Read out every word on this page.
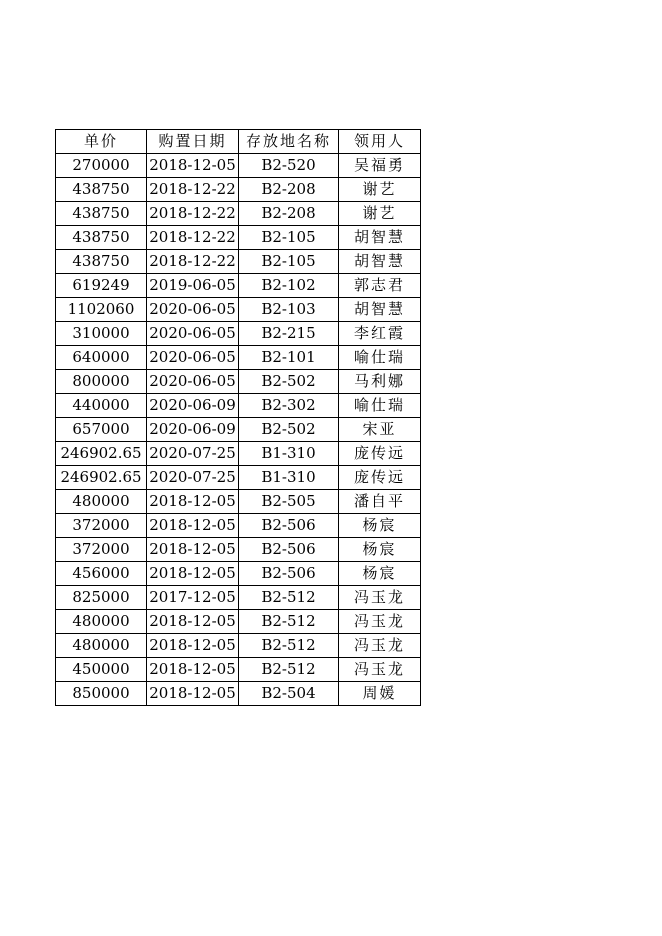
单价	购置日期	存放地名称	领用人
270000	2018-12-05	B2-520	吴福勇
438750	2018-12-22	B2-208	谢艺
438750	2018-12-22	B2-208	谢艺
438750	2018-12-22	B2-105	胡智慧
438750	2018-12-22	B2-105	胡智慧
619249	2019-06-05	B2-102	郭志君
1102060	2020-06-05	B2-103	胡智慧
310000	2020-06-05	B2-215	李红霞
640000	2020-06-05	B2-101	喻仕瑞
800000	2020-06-05	B2-502	马利娜
440000	2020-06-09	B2-302	喻仕瑞
657000	2020-06-09	B2-502	宋亚
246902.65	2020-07-25	B1-310	庞传远
246902.65	2020-07-25	B1-310	庞传远
480000	2018-12-05	B2-505	潘自平
372000	2018-12-05	B2-506	杨宸
372000	2018-12-05	B2-506	杨宸
456000	2018-12-05	B2-506	杨宸
825000	2017-12-05	B2-512	冯玉龙
480000	2018-12-05	B2-512	冯玉龙
480000	2018-12-05	B2-512	冯玉龙
450000	2018-12-05	B2-512	冯玉龙
850000	2018-12-05	B2-504	周媛
